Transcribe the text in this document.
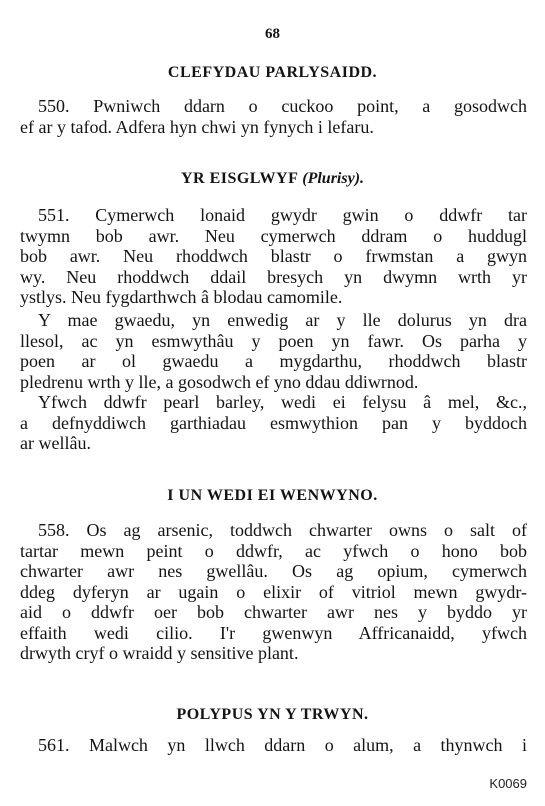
68
CLEFYDAU PARLYSAIDD.
550. Pwniwch ddarn o cuckoo point, a gosodwch
ef ar y tafod. Adfera hyn chwi yn fynych i lefaru.
YR EISGLWYF (Plurisy).
551. Cymerwch lonaid gwydr gwin o ddwfr tar
twymn bob awr. Neu cymerwch ddram o huddugl
bob awr. Neu rhoddwch blastr o frwmstan a gwyn
wy. Neu rhoddwch ddail bresych yn dwymn wrth yr
ystlys. Neu fygdarthwch â blodau camomile.
Y mae gwaedu, yn enwedig ar y lle dolurus yn dra
llesol, ac yn esmwythâu y poen yn fawr. Os parha y
poen ar ol gwaedu a mygdarthu, rhoddwch blastr
pledrenu wrth y lle, a gosodwch ef yno ddau ddiwrnod.
Yfwch ddwfr pearl barley, wedi ei felysu â mel, &c.,
a defnyddiwch garthiadau esmwythion pan y byddoch
ar wellâu.
I UN WEDI EI WENWYNO.
558. Os ag arsenic, toddwch chwarter owns o salt of
tartar mewn peint o ddwfr, ac yfwch o hono bob
chwarter awr nes gwellâu. Os ag opium, cymerwch
ddeg dyferyn ar ugain o elixir of vitriol mewn gwydr-
aid o ddwfr oer bob chwarter awr nes y byddo yr
effaith wedi cilio. I'r gwenwyn Affricanaidd, yfwch
drwyth cryf o wraidd y sensitive plant.
POLYPUS YN Y TRWYN.
561. Malwch yn llwch ddarn o alum, a thynwch i
K0069
